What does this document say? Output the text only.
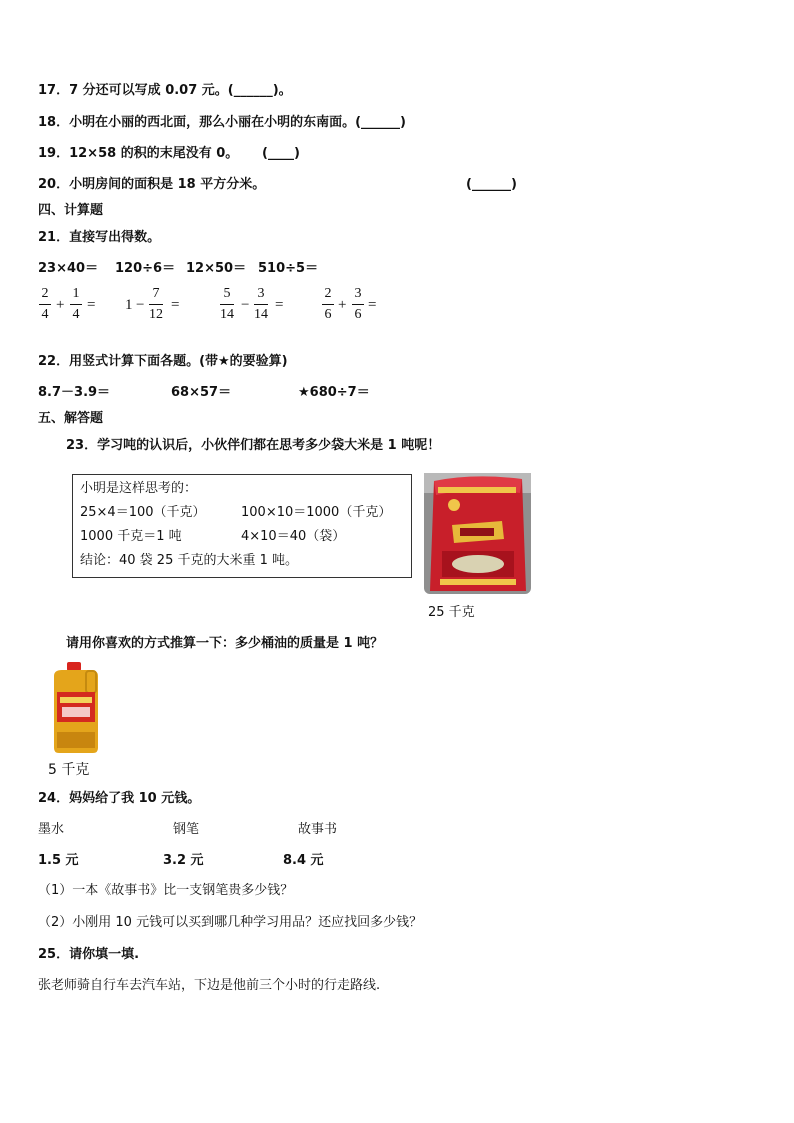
17．7 分还可以写成 0.07 元。(______)。
18．小明在小丽的西北面，那么小丽在小明的东南面。(______)
19．12×58 的积的末尾没有 0。 (____)
20．小明房间的面积是 18 平方分米。	(______)
四、计算题
21．直接写出得数。
23×40＝ 120÷6＝ 12×50＝ 510÷5＝
2
4
+
1
4
= 1 −
7
12
=
5
14
−
3
14
=
2
6
+
3
6
=
22．用竖式计算下面各题。(带★的要验算)
8.7－3.9＝	68×57＝	★680÷7＝
五、解答题
23．学习吨的认识后，小伙伴们都在思考多少袋大米是 1 吨呢！
小明是这样思考的：
25×4＝100（千克）	100×10＝1000（千克）
1000 千克＝1 吨	4×10＝40（袋）
结论：40 袋 25 千克的大米重 1 吨。
25 千克
请用你喜欢的方式推算一下：多少桶油的质量是 1 吨？
5 千克
24．妈妈给了我 10 元钱。
墨水	钢笔	故事书
1.5 元	3.2 元	8.4 元
（1）一本《故事书》比一支钢笔贵多少钱？
（2）小刚用 10 元钱可以买到哪几种学习用品？还应找回多少钱？
25．请你填一填.
张老师骑自行车去汽车站，下边是他前三个小时的行走路线.
